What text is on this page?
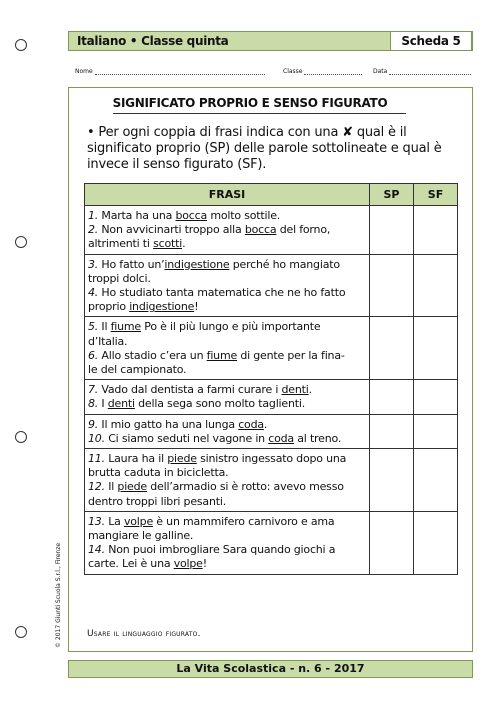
Italiano • Classe quinta	Scheda 5
Nome	Classe	Data
SIGNIFICATO PROPRIO E SENSO FIGURATO
• Per ogni coppia di frasi indica con una ✘ qual è il
significato proprio (SP) delle parole sottolineate e qual è
invece il senso figurato (SF).
FRASI	SP	SF

1. Marta ha una bocca molto sottile.
2. Non avvicinarti troppo alla bocca del forno,
altrimenti ti scotti.		

3. Ho fatto un’indigestione perché ho mangiato
troppi dolci.
4. Ho studiato tanta matematica che ne ho fatto
proprio indigestione!		

5. Il fiume Po è il più lungo e più importante
d’Italia.
6. Allo stadio c’era un fiume di gente per la fina-
le del campionato.		

7. Vado dal dentista a farmi curare i denti.
8. I denti della sega sono molto taglienti.		

9. Il mio gatto ha una lunga coda.
10. Ci siamo seduti nel vagone in coda al treno.		

11. Laura ha il piede sinistro ingessato dopo una
brutta caduta in bicicletta.
12. Il piede dell’armadio si è rotto: avevo messo
dentro troppi libri pesanti.		

13. La volpe è un mammifero carnivoro e ama
mangiare le galline.
14. Non puoi imbrogliare Sara quando giochi a
carte. Lei è una volpe!		

Usare il linguaggio figurato.
La Vita Scolastica - n. 6 - 2017
© 2017 Giunti Scuola S.r.l., Firenze
